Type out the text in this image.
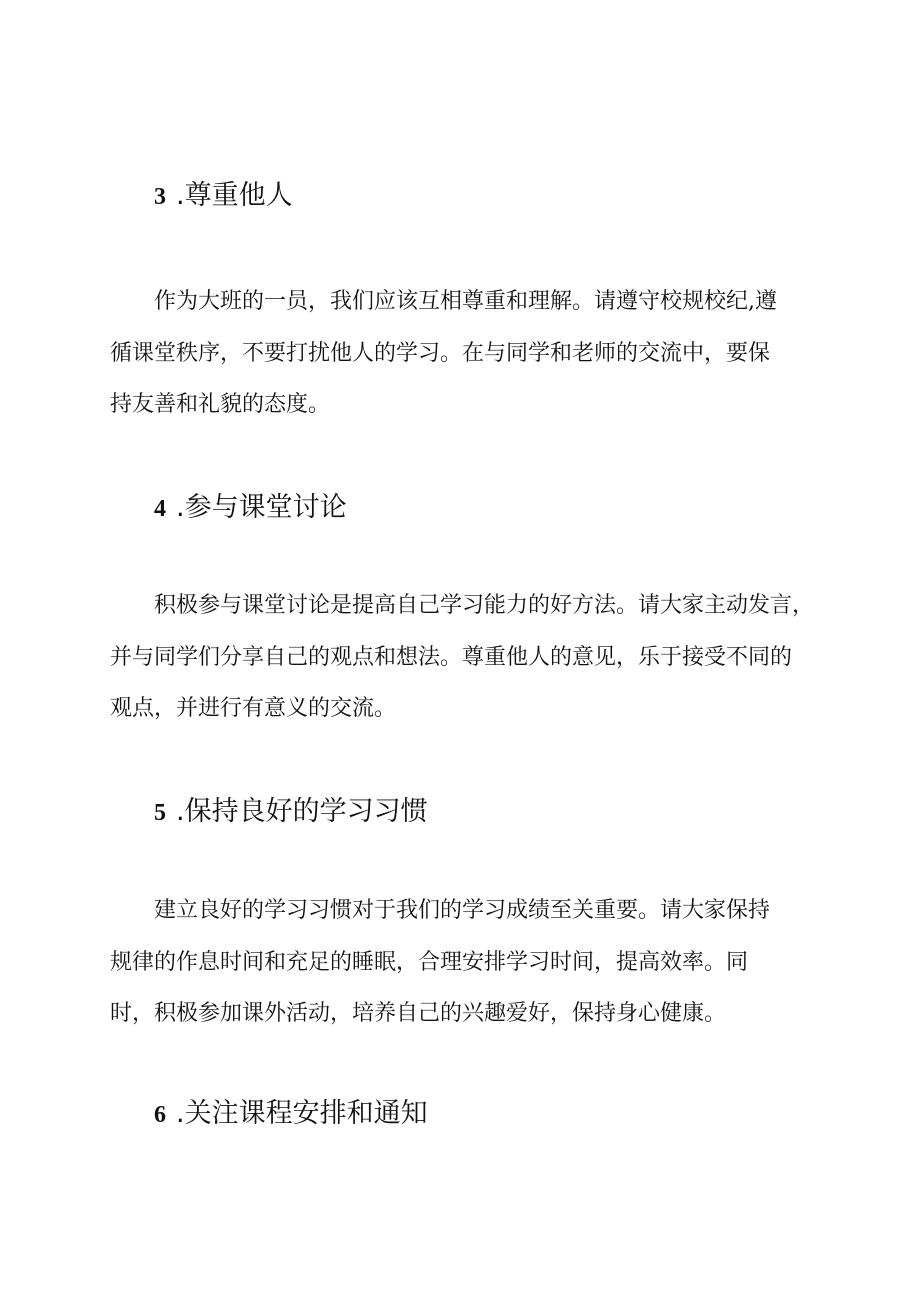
3 .尊重他人
作为大班的一员，我们应该互相尊重和理解。请遵守校规校纪,遵
循课堂秩序，不要打扰他人的学习。在与同学和老师的交流中，要保
持友善和礼貌的态度。
4 .参与课堂讨论
积极参与课堂讨论是提高自己学习能力的好方法。请大家主动发言，
并与同学们分享自己的观点和想法。尊重他人的意见，乐于接受不同的
观点，并进行有意义的交流。
5 .保持良好的学习习惯
建立良好的学习习惯对于我们的学习成绩至关重要。请大家保持
规律的作息时间和充足的睡眠，合理安排学习时间，提高效率。同
时，积极参加课外活动，培养自己的兴趣爱好，保持身心健康。
6 .关注课程安排和通知
